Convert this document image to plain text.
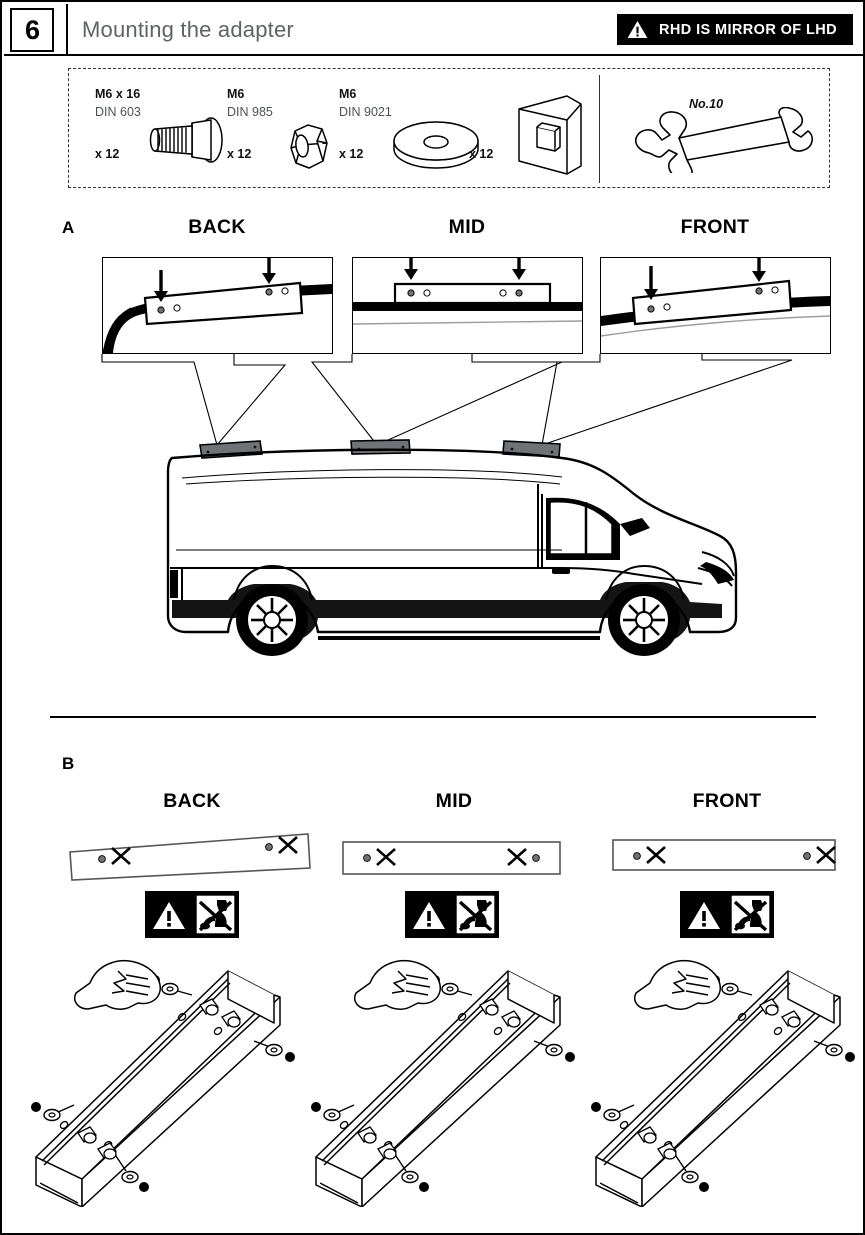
6	Mounting the adapter	RHD IS MIRROR OF LHD
M6 x 16
DIN 603
x 12
M6
DIN 985
x 12
M6
DIN 9021
x 12	x 12
No.10
A	BACK	MID	FRONT
B
BACK	MID	FRONT
